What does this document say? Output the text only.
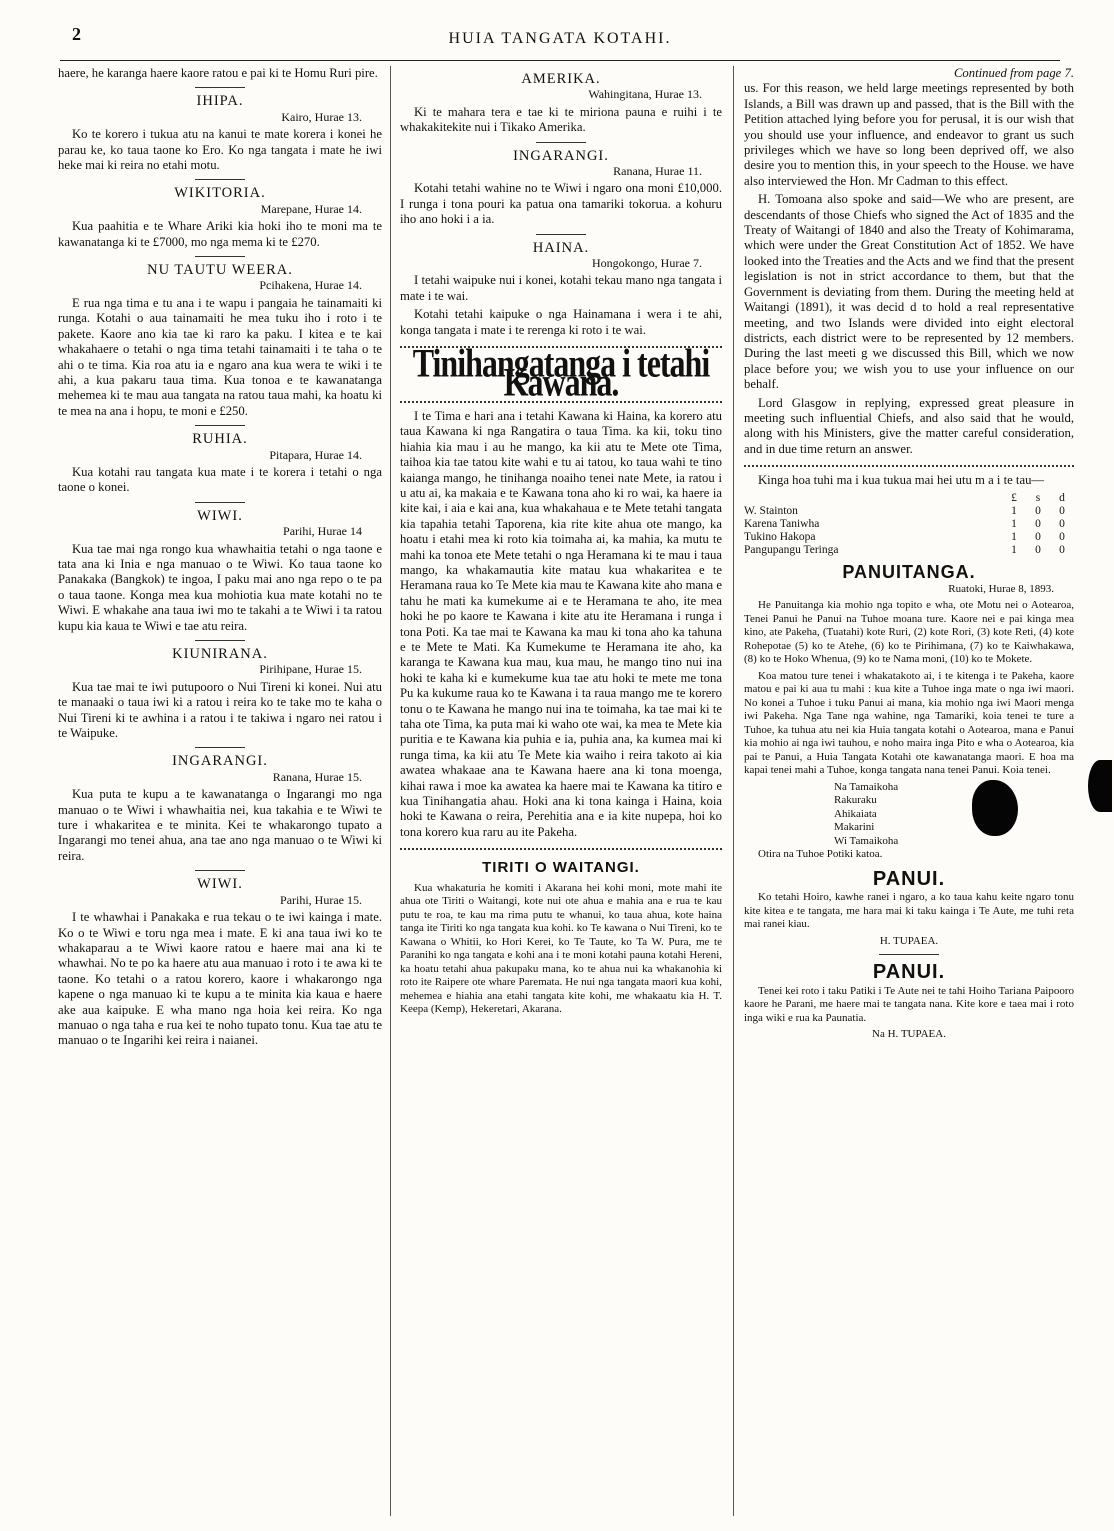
2	HUIA TANGATA KOTAHI.

haere, he karanga haere kaore ratou e pai ki te Homu Ruri pire.

IHIPA.
Kairo, Hurae 13.

Ko te korero i tukua atu na kanui te mate korera i konei he parau ke, ko taua taone ko Ero. Ko nga tangata i mate he iwi heke mai ki reira no etahi motu.

WIKITORIA.
Marepane, Hurae 14.

Kua paahitia e te Whare Ariki kia hoki iho te moni ma te kawanatanga ki te £7000, mo nga mema ki te £270.

NU TAUTU WEERA.
Pcihakena, Hurae 14.

E rua nga tima e tu ana i te wapu i pangaia he tainamaiti ki runga. Kotahi o aua tainamaiti he mea tuku iho i roto i te pakete. Kaore ano kia tae ki raro ka paku. I kitea e te kai whakahaere o tetahi o nga tima tetahi tainamaiti i te taha o te ahi o te tima. Kia roa atu ia e ngaro ana kua wera te wiki i te ahi, a kua pakaru taua tima. Kua tonoa e te kawanatanga mehemea ki te mau aua tangata na ratou taua mahi, ka hoatu ki te mea na ana i hopu, te moni e £250.

RUHIA.
Pitapara, Hurae 14.

Kua kotahi rau tangata kua mate i te korera i tetahi o nga taone o konei.

WIWI.
Parihi, Hurae 14

Kua tae mai nga rongo kua whawhaitia tetahi o nga taone e tata ana ki Inia e nga manuao o te Wiwi. Ko taua taone ko Panakaka (Bangkok) te ingoa, I paku mai ano nga repo o te pa o taua taone. Konga mea kua mohiotia kua mate kotahi no te Wiwi. E whakahe ana taua iwi mo te takahi a te Wiwi i ta ratou kupu kia kaua te Wiwi e tae atu reira.

KIUNIRANA.
Pirihipane, Hurae 15.

Kua tae mai te iwi putupooro o Nui Tireni ki konei. Nui atu te manaaki o taua iwi ki a ratou i reira ko te take mo te kaha o Nui Tireni ki te awhina i a ratou i te takiwa i ngaro nei ratou i te Waipuke.

INGARANGI.
Ranana, Hurae 15.

Kua puta te kupu a te kawanatanga o Ingarangi mo nga manuao o te Wiwi i whawhaitia nei, kua takahia e te Wiwi te ture i whakaritea e te minita. Kei te whakarongo tupato a Ingarangi mo tenei ahua, ana tae ano nga manuao o te Wiwi ki reira.

WIWI.
Parihi, Hurae 15.

I te whawhai i Panakaka e rua tekau o te iwi kainga i mate. Ko o te Wiwi e toru nga mea i mate. E ki ana taua iwi ko te whakaparau a te Wiwi kaore ratou e haere mai ana ki te whawhai. No te po ka haere atu aua manuao i roto i te awa ki te taone. Ko tetahi o a ratou korero, kaore i whakarongo nga kapene o nga manuao ki te kupu a te minita kia kaua e haere ake aua kaipuke. E wha mano nga hoia kei reira. Ko nga manuao o nga taha e rua kei te noho tupato tonu. Kua tae atu te manuao o te Ingarihi kei reira i naianei.

AMERIKA.
Wahingitana, Hurae 13.

Ki te mahara tera e tae ki te miriona pauna e ruihi i te whakakitekite nui i Tikako Amerika.

INGARANGI.
Ranana, Hurae 11.

Kotahi tetahi wahine no te Wiwi i ngaro ona moni £10,000. I runga i tona pouri ka patua ona tamariki tokorua. a kohuru iho ano hoki i a ia.

HAINA.
Hongokongo, Hurae 7.

I tetahi waipuke nui i konei, kotahi tekau mano nga tangata i mate i te wai.

Kotahi tetahi kaipuke o nga Hainamana i wera i te ahi, konga tangata i mate i te rerenga ki roto i te wai.

Tinihangatanga i tetahi Kawana.

I te Tima e hari ana i tetahi Kawana ki Haina, ka korero atu taua Kawana ki nga Rangatira o taua Tima. ka kii, toku tino hiahia kia mau i au he mango, ka kii atu te Mete ote Tima, taihoa kia tae tatou kite wahi e tu ai tatou, ko taua wahi te tino kaianga mango, he tinihanga noaiho tenei nate Mete, ia ratou i u atu ai, ka makaia e te Kawana tona aho ki ro wai, ka haere ia kite kai, i aia e kai ana, kua whakahaua e te Mete tetahi tangata kia tapahia tetahi Taporena, kia rite kite ahua ote mango, ka hoatu i etahi mea ki roto kia toimaha ai, ka mahia, ka mutu te mahi ka tonoa ete Mete tetahi o nga Heramana ki te mau i taua mango, ka whakamautia kite matau kua whakaritea e te Heramana raua ko Te Mete kia mau te Kawana kite aho mana e tahu he mati ka kumekume ai e te Heramana te aho, ite mea hoki he po kaore te Kawana i kite atu ite Heramana i runga i tona Poti. Ka tae mai te Kawana ka mau ki tona aho ka tahuna e te Mete te Mati. Ka Kumekume te Heramana ite aho, ka karanga te Kawana kua mau, kua mau, he mango tino nui ina hoki te kaha ki e kumekume kua tae atu hoki te mete me tona Pu ka kukume raua ko te Kawana i ta raua mango me te korero tonu o te Kawana he mango nui ina te toimaha, ka tae mai ki te taha ote Tima, ka puta mai ki waho ote wai, ka mea te Mete kia puritia e te Kawana kia puhia e ia, puhia ana, ka kumea mai ki runga tima, ka kii atu Te Mete kia waiho i reira takoto ai kia awatea whakaae ana te Kawana haere ana ki tona moenga, kihai rawa i moe ka awatea ka haere mai te Kawana ka titiro e kua Tinihangatia ahau. Hoki ana ki tona kainga i Haina, koia hoki te Kawana o reira, Perehitia ana e ia kite nupepa, hoi ko tona korero kua raru au ite Pakeha.

TIRITI O WAITANGI.

Kua whakaturia he komiti i Akarana hei kohi moni, mote mahi ite ahua ote Tiriti o Waitangi, kote nui ote ahua e mahia ana e rua te kau putu te roa, te kau ma rima putu te whanui, ko taua ahua, kote haina tanga ite Tiriti ko nga tangata kua kohi. ko Te kawana o Nui Tireni, ko te Kawana o Whitii, ko Hori Kerei, ko Te Taute, ko Ta W. Pura, me te Paranihi ko nga tangata e kohi ana i te moni kotahi pauna kotahi Hereni, ka hoatu tetahi ahua pakupaku mana, ko te ahua nui ka whakanohia ki roto ite Raipere ote whare Paremata. He nui nga tangata maori kua kohi, mehemea e hiahia ana etahi tangata kite kohi, me whakaatu kia H. T. Keepa (Kemp), Hekeretari, Akarana.

Continued from page 7.

us. For this reason, we held large meetings represented by both Islands, a Bill was drawn up and passed, that is the Bill with the Petition attached lying before you for perusal, it is our wish that you should use your influence, and endeavor to grant us such privileges which we have so long been deprived off, we also desire you to mention this, in your speech to the House. we have also interviewed the Hon. Mr Cadman to this effect.

H. Tomoana also spoke and said—We who are present, are descendants of those Chiefs who signed the Act of 1835 and the Treaty of Waitangi of 1840 and also the Treaty of Kohimarama, which were under the Great Constitution Act of 1852. We have looked into the Treaties and the Acts and we find that the present legislation is not in strict accordance to them, but that the Government is deviating from them. During the meeting held at Waitangi (1891), it was decid d to hold a real representative meeting, and two Islands were divided into eight electoral districts, each district were to be represented by 12 members. During the last meeti g we discussed this Bill, which we now place before you; we wish you to use your influence on our behalf.

Lord Glasgow in replying, expressed great pleasure in meeting such influential Chiefs, and also said that he would, along with his Ministers, give the matter careful consideration, and in due time return an answer.

Kinga hoa tuhi ma i kua tukua mai hei utu m a i te tau—

	£	s	d
W. Stainton	1	0	0
Karena Taniwha	1	0	0
Tukino Hakopa	1	0	0
Pangupangu Teringa	1	0	0
PANUITANGA.
Ruatoki, Hurae 8, 1893.

He Panuitanga kia mohio nga topito e wha, ote Motu nei o Aotearoa, Tenei Panui he Panui na Tuhoe moana ture. Kaore nei e pai kinga mea kino, ate Pakeha, (Tuatahi) kote Ruri, (2) kote Rori, (3) kote Reti, (4) kote Rohepotae (5) ko te Atehe, (6) ko te Pirihimana, (7) ko te Kaiwhakawa, (8) ko te Hoko Whenua, (9) ko te Nama moni, (10) ko te Mokete.

Koa matou ture tenei i whakatakoto ai, i te kitenga i te Pakeha, kaore matou e pai ki aua tu mahi : kua kite a Tuhoe inga mate o nga iwi maori. No konei a Tuhoe i tuku Panui ai mana, kia mohio nga iwi Maori menga iwi Pakeha. Nga Tane nga wahine, nga Tamariki, koia tenei te ture a Tuhoe, ka tuhua atu nei kia Huia tangata kotahi o Aotearoa, mana e Panui kia mohio ai nga iwi tauhou, e noho maira inga Pito e wha o Aotearoa, kia pai te Panui, a Huia Tangata Kotahi ote kawanatanga maori. E hoa ma kapai tenei mahi a Tuhoe, konga tangata nana tenei Panui. Koia tenei.

Na Tamaikoha
Rakuraku
Ahikaiata
Makarini
Wi Tamaikoha

Otira na Tuhoe Potiki katoa.

PANUI.

Ko tetahi Hoiro, kawhe ranei i ngaro, a ko taua kahu keite ngaro tonu kite kitea e te tangata, me hara mai ki taku kainga i Te Aute, me tuhi reta mai ranei kiau.

H. TUPAEA.
PANUI.

Tenei kei roto i taku Patiki i Te Aute nei te tahi Hoiho Tariana Paipooro kaore he Parani, me haere mai te tangata nana. Kite kore e taea mai i roto inga wiki e rua ka Paunatia.

Na H. TUPAEA.
